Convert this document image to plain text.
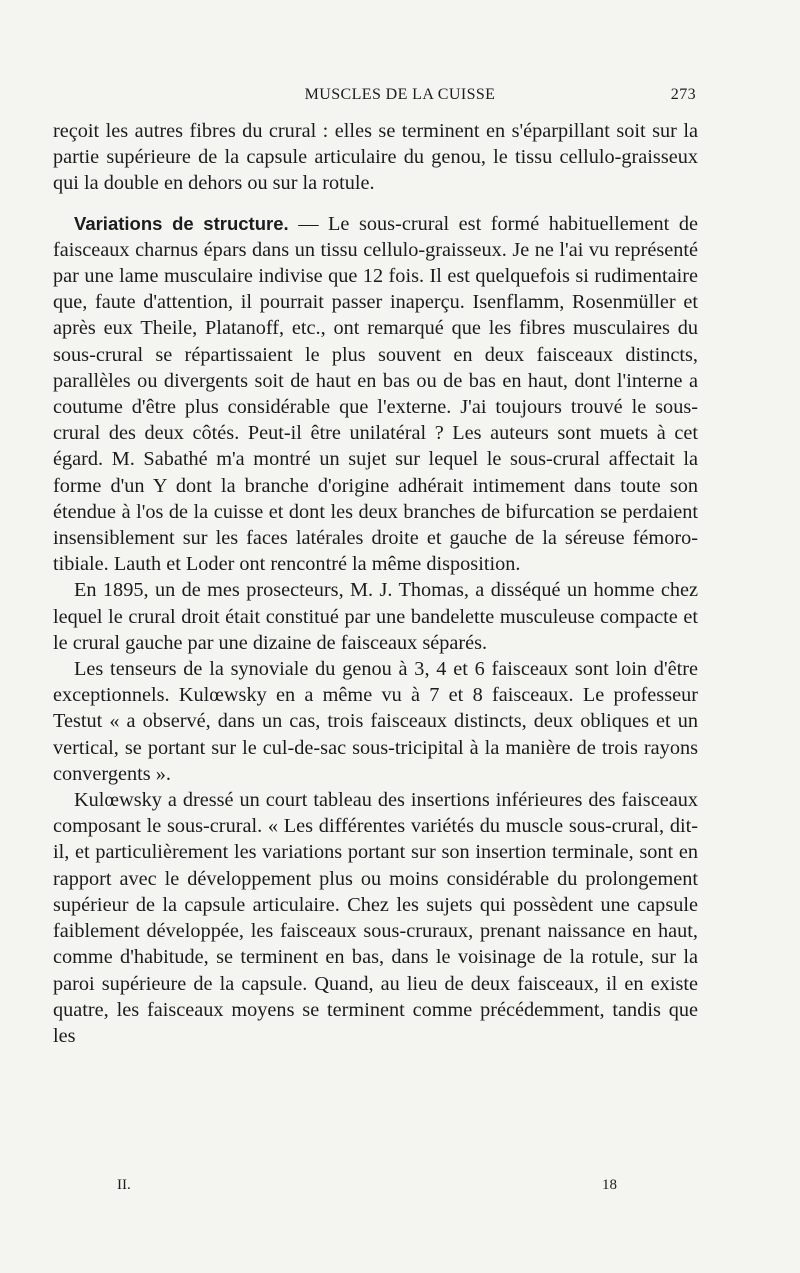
MUSCLES DE LA CUISSE	273

reçoit les autres fibres du crural : elles se terminent en s'éparpillant soit sur la partie supérieure de la capsule articulaire du genou, le tissu cellulo-graisseux qui la double en dehors ou sur la rotule.

Variations de structure. — Le sous-crural est formé habituellement de faisceaux charnus épars dans un tissu cellulo-graisseux. Je ne l'ai vu représenté par une lame musculaire indivise que 12 fois. Il est quelquefois si rudimentaire que, faute d'attention, il pourrait passer inaperçu. Isenflamm, Rosenmüller et après eux Theile, Platanoff, etc., ont remarqué que les fibres musculaires du sous-crural se répartissaient le plus souvent en deux faisceaux distincts, parallèles ou divergents soit de haut en bas ou de bas en haut, dont l'interne a coutume d'être plus considérable que l'externe. J'ai toujours trouvé le sous-crural des deux côtés. Peut-il être unilatéral ? Les auteurs sont muets à cet égard. M. Sabathé m'a montré un sujet sur lequel le sous-crural affectait la forme d'un Y dont la branche d'origine adhérait intimement dans toute son étendue à l'os de la cuisse et dont les deux branches de bifurcation se perdaient insensiblement sur les faces latérales droite et gauche de la séreuse fémoro-tibiale. Lauth et Loder ont rencontré la même disposition.

En 1895, un de mes prosecteurs, M. J. Thomas, a disséqué un homme chez lequel le crural droit était constitué par une bandelette musculeuse compacte et le crural gauche par une dizaine de faisceaux séparés.

Les tenseurs de la synoviale du genou à 3, 4 et 6 faisceaux sont loin d'être exceptionnels. Kulœwsky en a même vu à 7 et 8 faisceaux. Le professeur Testut « a observé, dans un cas, trois faisceaux distincts, deux obliques et un vertical, se portant sur le cul-de-sac sous-tricipital à la manière de trois rayons convergents ».

Kulœwsky a dressé un court tableau des insertions inférieures des faisceaux composant le sous-crural. « Les différentes variétés du muscle sous-crural, dit-il, et particulièrement les variations portant sur son insertion terminale, sont en rapport avec le développement plus ou moins considérable du prolongement supérieur de la capsule articulaire. Chez les sujets qui possèdent une capsule faiblement développée, les faisceaux sous-cruraux, prenant naissance en haut, comme d'habitude, se terminent en bas, dans le voisinage de la rotule, sur la paroi supérieure de la capsule. Quand, au lieu de deux faisceaux, il en existe quatre, les faisceaux moyens se terminent comme précédemment, tandis que les

II.	18
